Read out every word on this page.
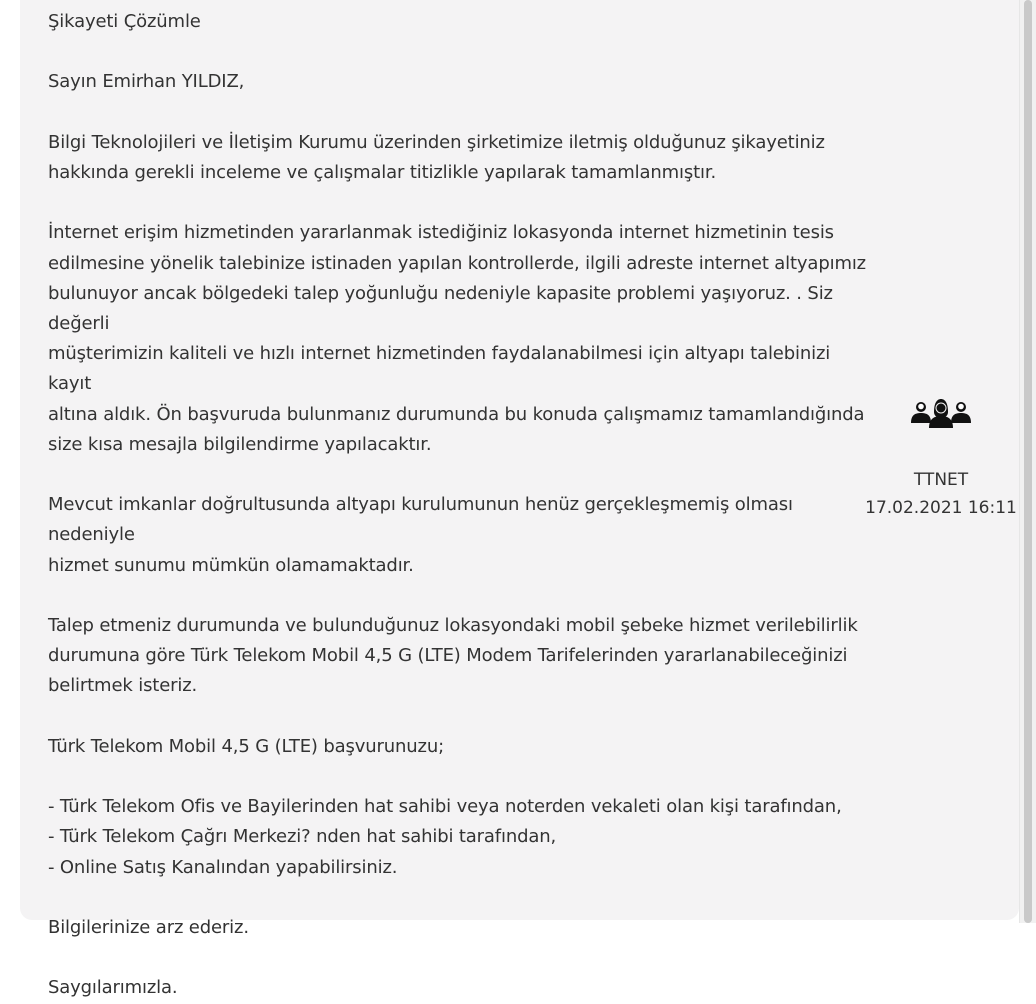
Şikayeti Çözümle

Sayın Emirhan YILDIZ,

Bilgi Teknolojileri ve İletişim Kurumu üzerinden şirketimize iletmiş olduğunuz şikayetiniz
hakkında gerekli inceleme ve çalışmalar titizlikle yapılarak tamamlanmıştır.

İnternet erişim hizmetinden yararlanmak istediğiniz lokasyonda internet hizmetinin tesis
edilmesine yönelik talebinize istinaden yapılan kontrollerde, ilgili adreste internet altyapımız
bulunuyor ancak bölgedeki talep yoğunluğu nedeniyle kapasite problemi yaşıyoruz. . Siz değerli
müşterimizin kaliteli ve hızlı internet hizmetinden faydalanabilmesi için altyapı talebinizi kayıt
altına aldık. Ön başvuruda bulunmanız durumunda bu konuda çalışmamız tamamlandığında
size kısa mesajla bilgilendirme yapılacaktır.

Mevcut imkanlar doğrultusunda altyapı kurulumunun henüz gerçekleşmemiş olması nedeniyle
hizmet sunumu mümkün olamamaktadır.

Talep etmeniz durumunda ve bulunduğunuz lokasyondaki mobil şebeke hizmet verilebilirlik
durumuna göre Türk Telekom Mobil 4,5 G (LTE) Modem Tarifelerinden yararlanabileceğinizi
belirtmek isteriz.

Türk Telekom Mobil 4,5 G (LTE) başvurunuzu;

- Türk Telekom Ofis ve Bayilerinden hat sahibi veya noterden vekaleti olan kişi tarafından,
- Türk Telekom Çağrı Merkezi? nden hat sahibi tarafından,
- Online Satış Kanalından yapabilirsiniz.

Bilgilerinize arz ederiz.

Saygılarımızla.

TTNET
17.02.2021 16:11
